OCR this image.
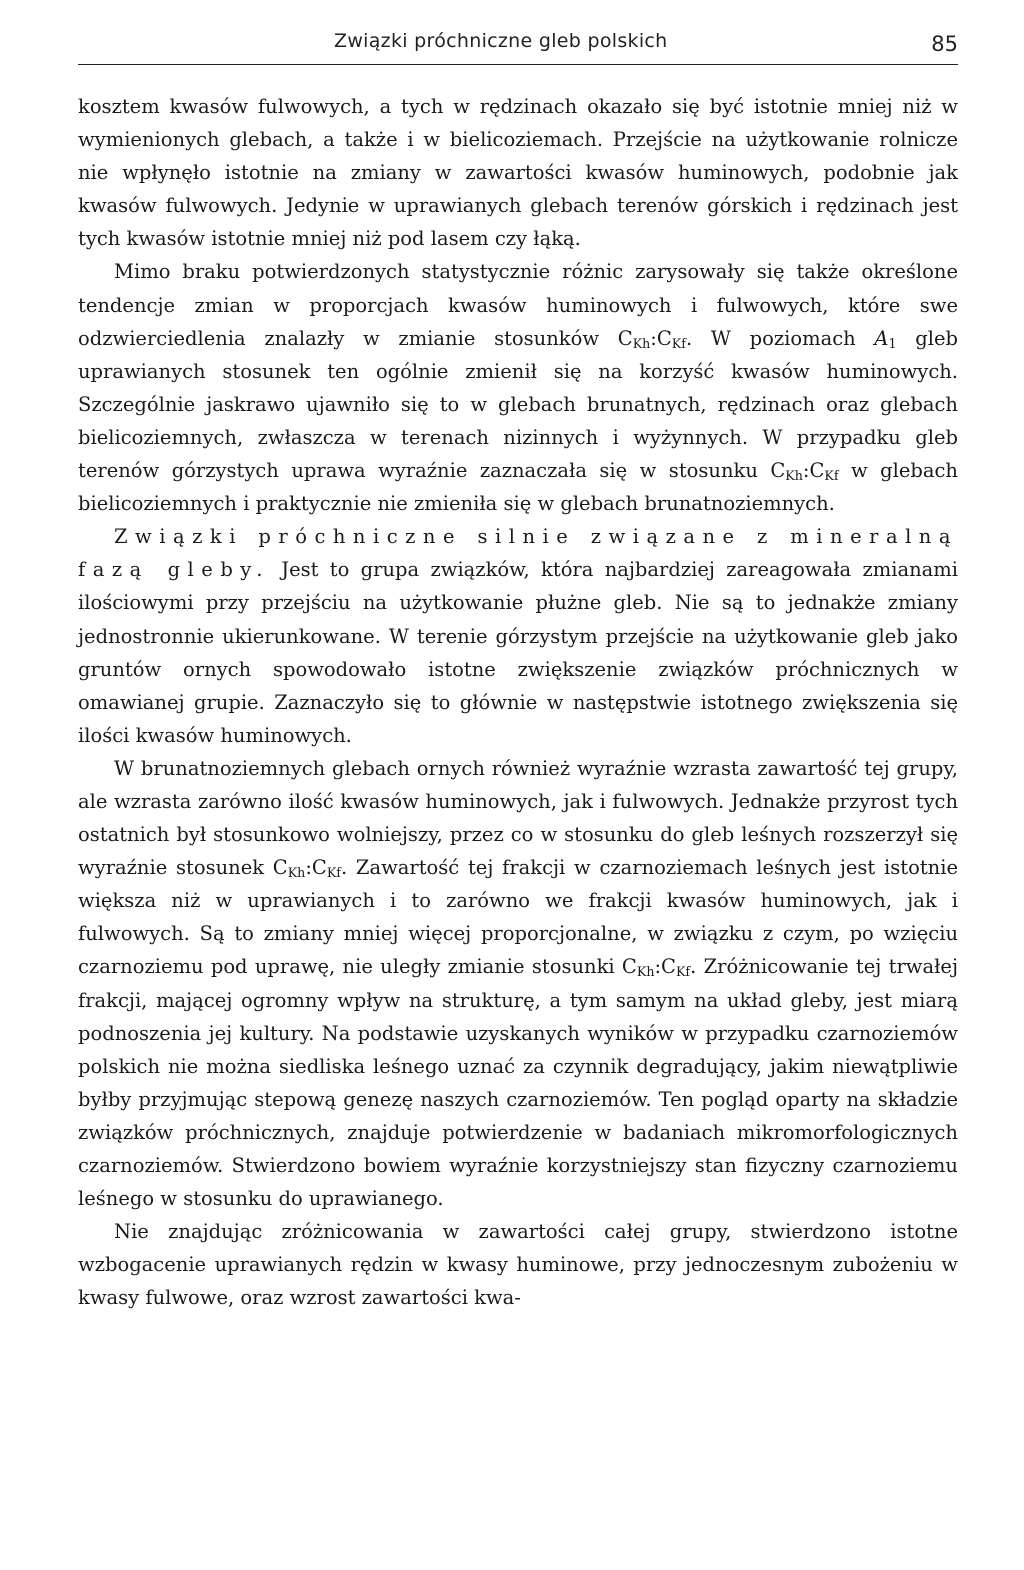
Związki próchniczne gleb polskich	85

kosztem kwasów fulwowych, a tych w rędzinach okazało się być istotnie mniej niż w wymienionych glebach, a także i w bielicoziemach. Przejście na użytkowanie rolnicze nie wpłynęło istotnie na zmiany w zawartości kwasów huminowych, podobnie jak kwasów fulwowych. Jedynie w uprawianych glebach terenów górskich i rędzinach jest tych kwasów istotnie mniej niż pod lasem czy łąką.

Mimo braku potwierdzonych statystycznie różnic zarysowały się także określone tendencje zmian w proporcjach kwasów huminowych i fulwowych, które swe odzwierciedlenia znalazły w zmianie stosunków $C_{Kh}:C_{Kf}$. W poziomach $A_1$ gleb uprawianych stosunek ten ogólnie zmienił się na korzyść kwasów huminowych. Szczególnie jaskrawo ujawniło się to w glebach brunatnych, rędzinach oraz glebach bielicoziemnych, zwłaszcza w terenach nizinnych i wyżynnych. W przypadku gleb terenów górzystych uprawa wyraźnie zaznaczała się w stosunku $C_{Kh}:C_{Kf}$ w glebach bielicoziemnych i praktycznie nie zmieniła się w glebach brunatnoziemnych.

Związki próchniczne silnie związane z mineralną fazą gleby. Jest to grupa związków, która najbardziej zareagowała zmianami ilościowymi przy przejściu na użytkowanie płużne gleb. Nie są to jednakże zmiany jednostronnie ukierunkowane. W terenie górzystym przejście na użytkowanie gleb jako gruntów ornych spowodowało istotne zwiększenie związków próchnicznych w omawianej grupie. Zaznaczyło się to głównie w następstwie istotnego zwiększenia się ilości kwasów huminowych.

W brunatnoziemnych glebach ornych również wyraźnie wzrasta zawartość tej grupy, ale wzrasta zarówno ilość kwasów huminowych, jak i fulwowych. Jednakże przyrost tych ostatnich był stosunkowo wolniejszy, przez co w stosunku do gleb leśnych rozszerzył się wyraźnie stosunek $C_{Kh}:C_{Kf}$. Zawartość tej frakcji w czarnoziemach leśnych jest istotnie większa niż w uprawianych i to zarówno we frakcji kwasów huminowych, jak i fulwowych. Są to zmiany mniej więcej proporcjonalne, w związku z czym, po wzięciu czarnoziemu pod uprawę, nie uległy zmianie stosunki $C_{Kh}:C_{Kf}$. Zróżnicowanie tej trwałej frakcji, mającej ogromny wpływ na strukturę, a tym samym na układ gleby, jest miarą podnoszenia jej kultury. Na podstawie uzyskanych wyników w przypadku czarnoziemów polskich nie można siedliska leśnego uznać za czynnik degradujący, jakim niewątpliwie byłby przyjmując stepową genezę naszych czarnoziemów. Ten pogląd oparty na składzie związków próchnicznych, znajduje potwierdzenie w badaniach mikromorfologicznych czarnoziemów. Stwierdzono bowiem wyraźnie korzystniejszy stan fizyczny czarnoziemu leśnego w stosunku do uprawianego.

Nie znajdując zróżnicowania w zawartości całej grupy, stwierdzono istotne wzbogacenie uprawianych rędzin w kwasy huminowe, przy jednoczesnym zubożeniu w kwasy fulwowe, oraz wzrost zawartości kwa-
